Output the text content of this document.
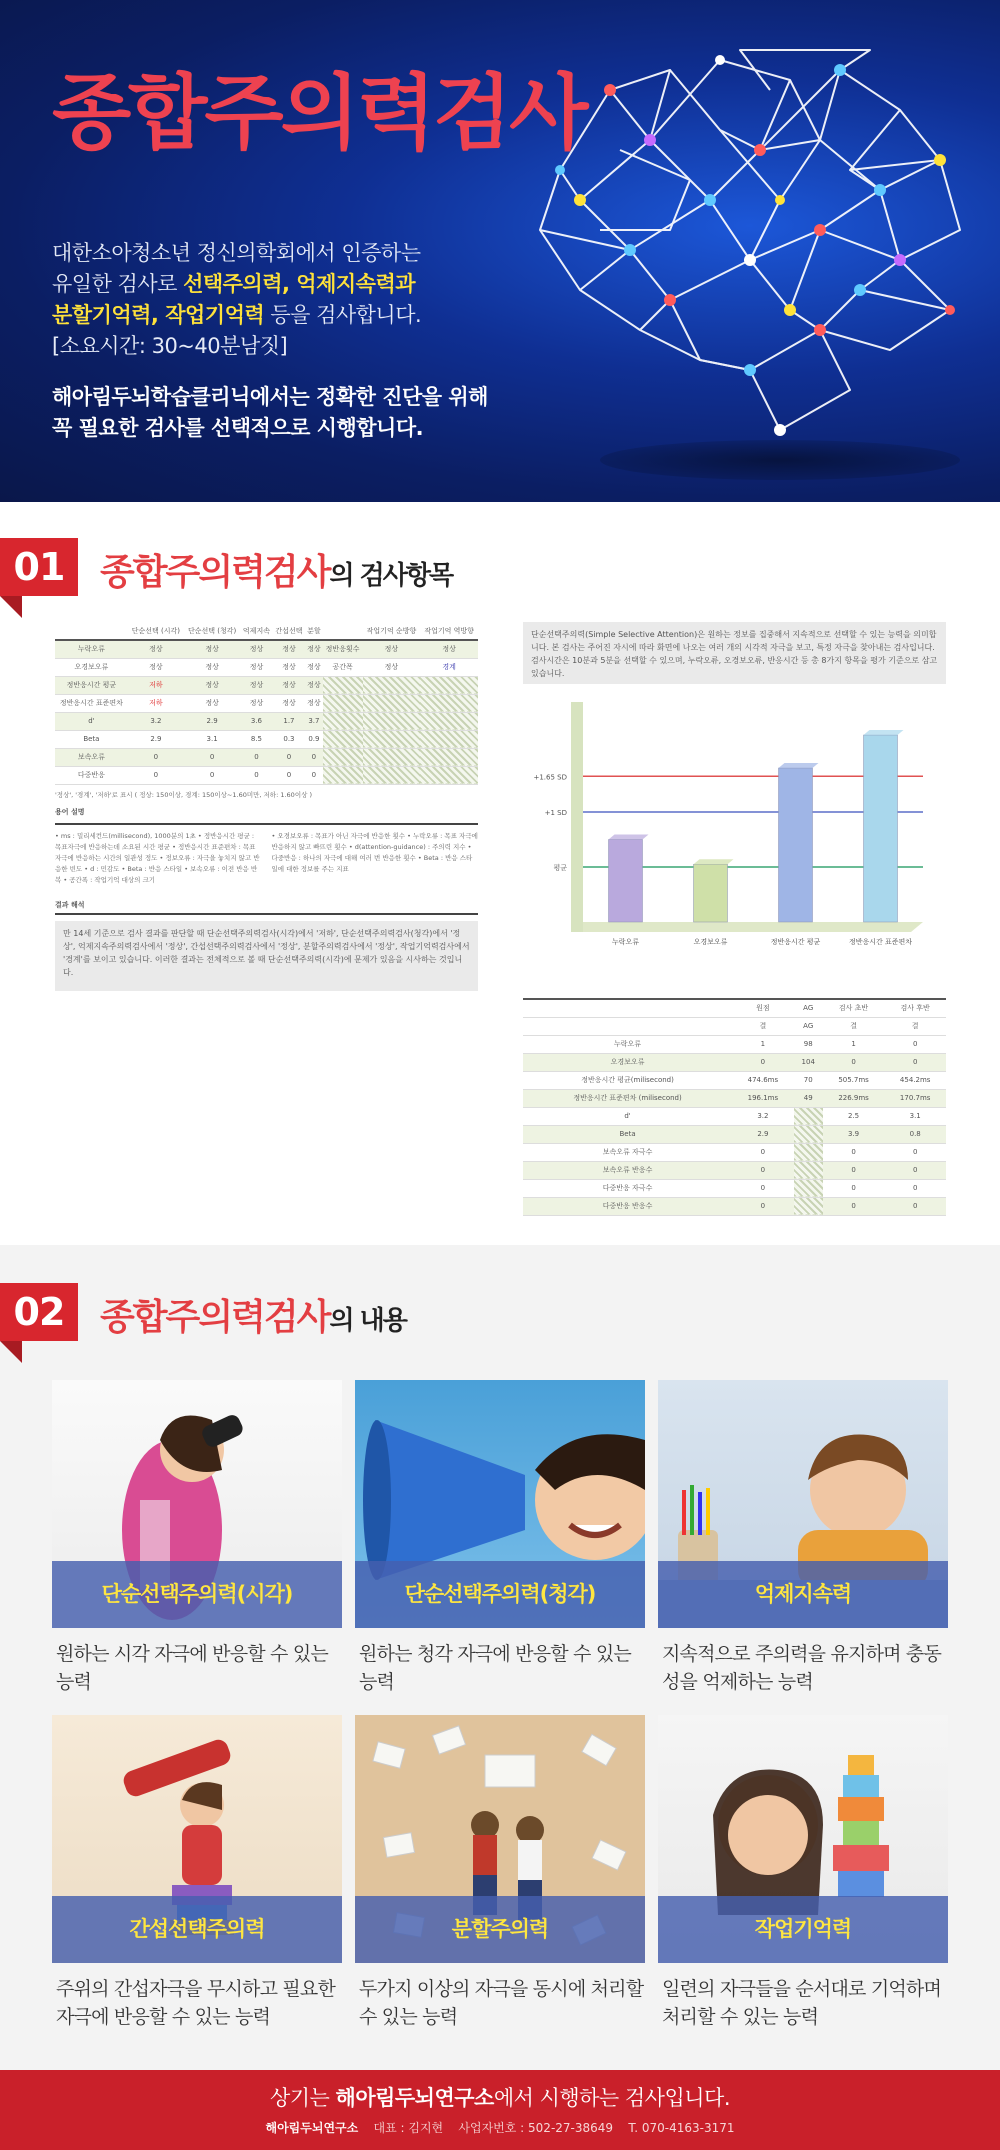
종합주의력검사
대한소아청소년 정신의학회에서 인증하는
유일한 검사로 선택주의력, 억제지속력과
분할기억력, 작업기억력 등을 검사합니다.
[소요시간: 30~40분남짓]
해아림두뇌학습클리닉에서는 정확한 진단을 위해
꼭 필요한 검사를 선택적으로 시행합니다.
01 종합주의력검사의 검사항목
	단순선택 (시각)	단순선택 (청각)	억제지속	간섭선택	분할		작업기억 순방향	작업기억 역방향
누락오류	정상	정상	정상	정상	정상	정반응횟수	정상	정상
오경보오류	정상	정상	정상	정상	정상	공간폭	정상	경계
정반응시간 평균	저하	정상	정상	정상	정상			
정반응시간 표준편차	저하	정상	정상	정상	정상			
d'	3.2	2.9	3.6	1.7	3.7			
Beta	2.9	3.1	8.5	0.3	0.9			
보속오류	0	0	0	0	0			
다중반응	0	0	0	0	0			
'정상', '경계', '저하'로 표시 ( 정상: 150이상, 경계: 150이상~1.60미만, 저하: 1.60이상 )
용어 설명
• ms : 밀리세컨드(millisecond), 1000분의 1초 • 정반응시간 평균 : 목표자극에 반응하는데 소요된 시간 평균 • 정반응시간 표준편차 : 목표자극에 반응하는 시간의 일관성 정도 • 정보오류 : 자극을 놓치지 않고 반응한 빈도 • d : 민감도 • Beta : 반응 스타일 • 보속오류 : 이전 반응 반복 • 공간폭 : 작업기억 대상의 크기
• 오경보오류 : 목표가 아닌 자극에 반응한 횟수 • 누락오류 : 목표 자극에 반응하지 않고 빠뜨린 횟수 • d(attention-guidance) : 주의력 지수 • 다중반응 : 하나의 자극에 대해 여러 번 반응한 횟수 • Beta : 반응 스타일에 대한 정보를 주는 지표
결과 해석
만 14세 기준으로 검사 결과를 판단할 때 단순선택주의력검사(시각)에서 '저하', 단순선택주의력검사(청각)에서 '정상', 억제지속주의력검사에서 '정상', 간섭선택주의력검사에서 '정상', 분할주의력검사에서 '정상', 작업기억력검사에서 '경계'를 보이고 있습니다. 이러한 결과는 전체적으로 볼 때 단순선택주의력(시각)에 문제가 있음을 시사하는 것입니다.
단순선택주의력(Simple Selective Attention)은 원하는 정보를 집중해서 지속적으로 선택할 수 있는 능력을 의미합니다. 본 검사는 주어진 자시에 따라 화면에 나오는 여러 개의 시각적 자극을 보고, 특정 자극을 찾아내는 검사입니다. 검사시간은 10분과 5분을 선택할 수 있으며, 누락오류, 오경보오류, 반응시간 등 총 8가지 항목을 평가 기준으로 삼고 있습니다.
+1.65 SD
+1 SD
평균
누락오류	오경보오류	정반응시간 평균	정반응시간 표준편차
	원점	AG	검사 초반	검사 후반
	결	AG	결	결
누락오류	1	98	1	0
오경보오류	0	104	0	0
정반응시간 평균(milisecond)	474.6ms	70	505.7ms	454.2ms
정반응시간 표준편차 (milisecond)	196.1ms	49	226.9ms	170.7ms
d'	3.2		2.5	3.1
Beta	2.9		3.9	0.8
보속오류 자극수	0		0	0
보속오류 반응수	0		0	0
다중반응 자극수	0		0	0
다중반응 반응수	0		0	0
02 종합주의력검사의 내용
단순선택주의력(시각)
원하는 시각 자극에 반응할 수 있는 능력
단순선택주의력(청각)
원하는 청각 자극에 반응할 수 있는 능력
억제지속력
지속적으로 주의력을 유지하며 충동성을 억제하는 능력
간섭선택주의력
주위의 간섭자극을 무시하고 필요한 자극에 반응할 수 있는 능력
분할주의력
두가지 이상의 자극을 동시에 처리할 수 있는 능력
작업기억력
일련의 자극들을 순서대로 기억하며 처리할 수 있는 능력
상기는 해아림두뇌연구소에서 시행하는 검사입니다.
해아림두뇌연구소 대표 : 김지현 사업자번호 : 502-27-38649 T. 070-4163-3171
